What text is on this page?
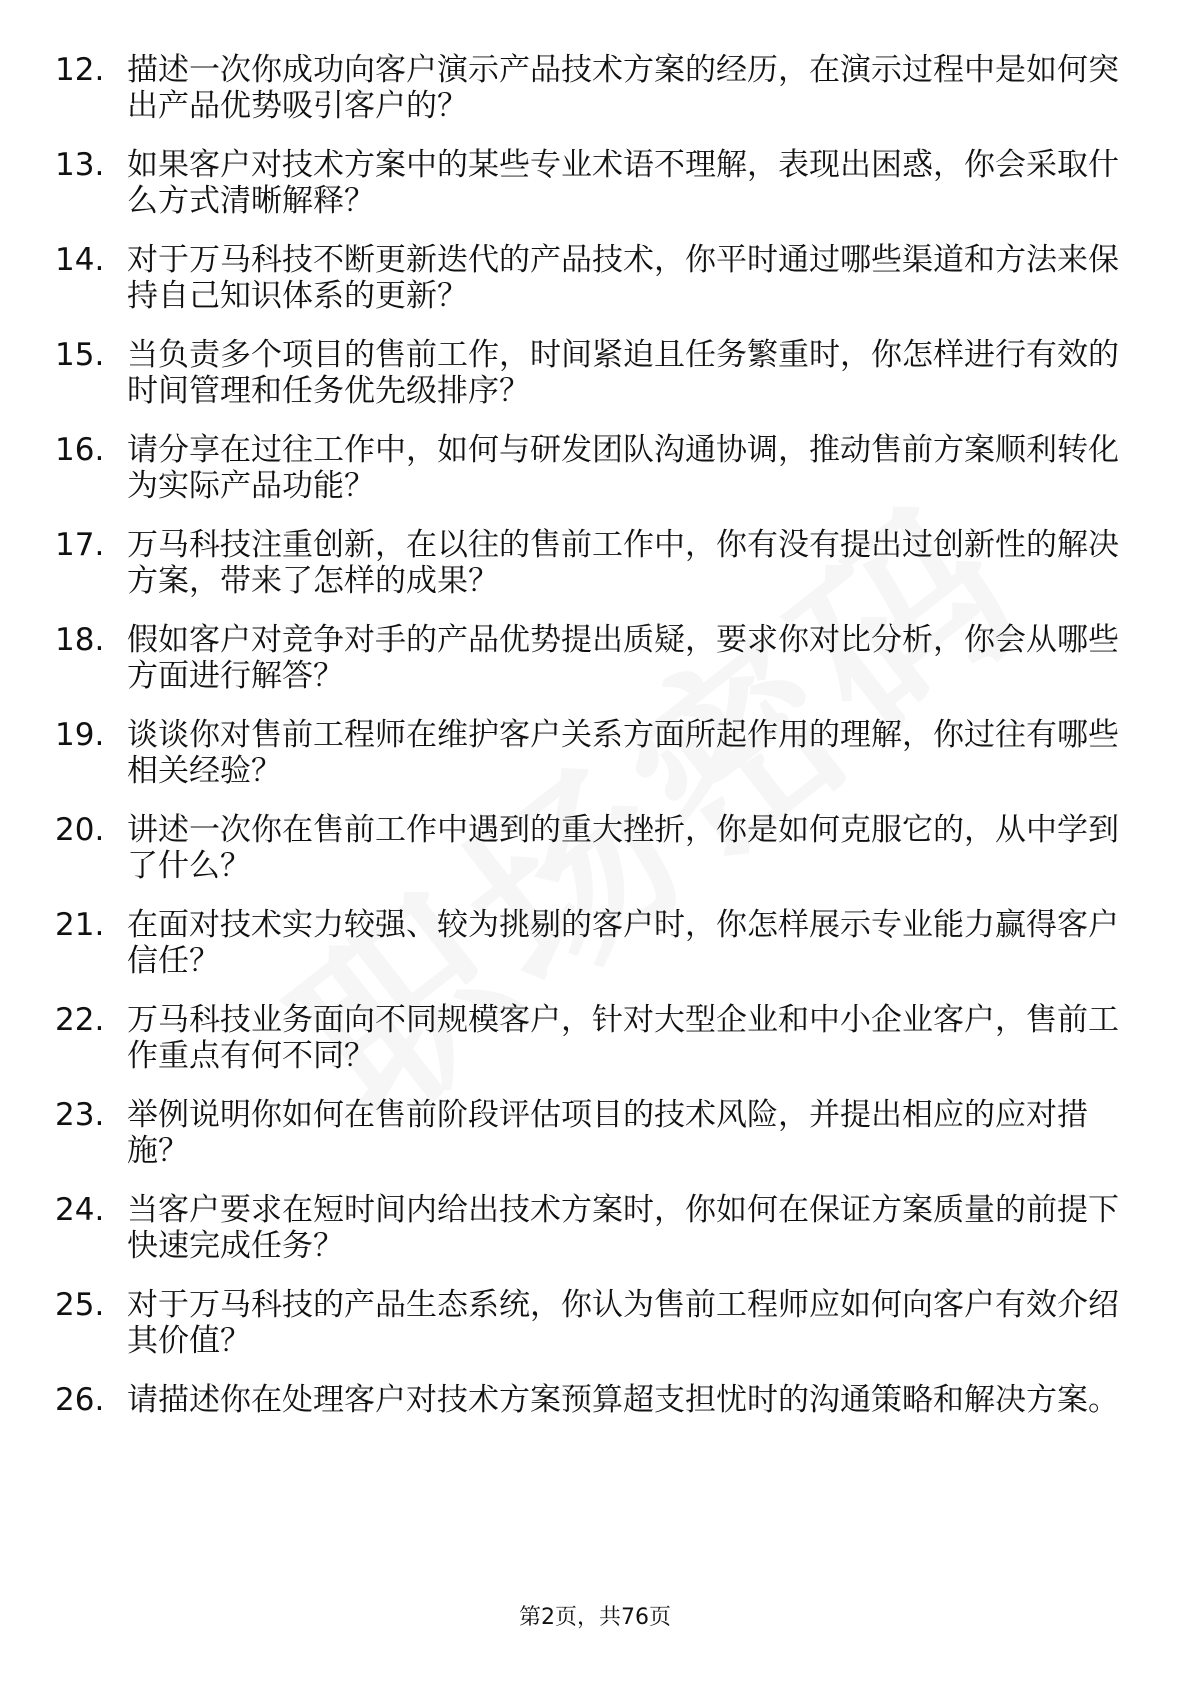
12. 描述一次你成功向客户演示产品技术方案的经历，在演示过程中是如何突出产品优势吸引客户的？
13. 如果客户对技术方案中的某些专业术语不理解，表现出困惑，你会采取什么方式清晰解释？
14. 对于万马科技不断更新迭代的产品技术，你平时通过哪些渠道和方法来保持自己知识体系的更新？
15. 当负责多个项目的售前工作，时间紧迫且任务繁重时，你怎样进行有效的时间管理和任务优先级排序？
16. 请分享在过往工作中，如何与研发团队沟通协调，推动售前方案顺利转化为实际产品功能？
17. 万马科技注重创新，在以往的售前工作中，你有没有提出过创新性的解决方案，带来了怎样的成果？
18. 假如客户对竞争对手的产品优势提出质疑，要求你对比分析，你会从哪些方面进行解答？
19. 谈谈你对售前工程师在维护客户关系方面所起作用的理解，你过往有哪些相关经验？
20. 讲述一次你在售前工作中遇到的重大挫折，你是如何克服它的，从中学到了什么？
21. 在面对技术实力较强、较为挑剔的客户时，你怎样展示专业能力赢得客户信任？
22. 万马科技业务面向不同规模客户，针对大型企业和中小企业客户，售前工作重点有何不同？
23. 举例说明你如何在售前阶段评估项目的技术风险，并提出相应的应对措施？
24. 当客户要求在短时间内给出技术方案时，你如何在保证方案质量的前提下快速完成任务？
25. 对于万马科技的产品生态系统，你认为售前工程师应如何向客户有效介绍其价值？
26. 请描述你在处理客户对技术方案预算超支担忧时的沟通策略和解决方案。
第2页，共76页
